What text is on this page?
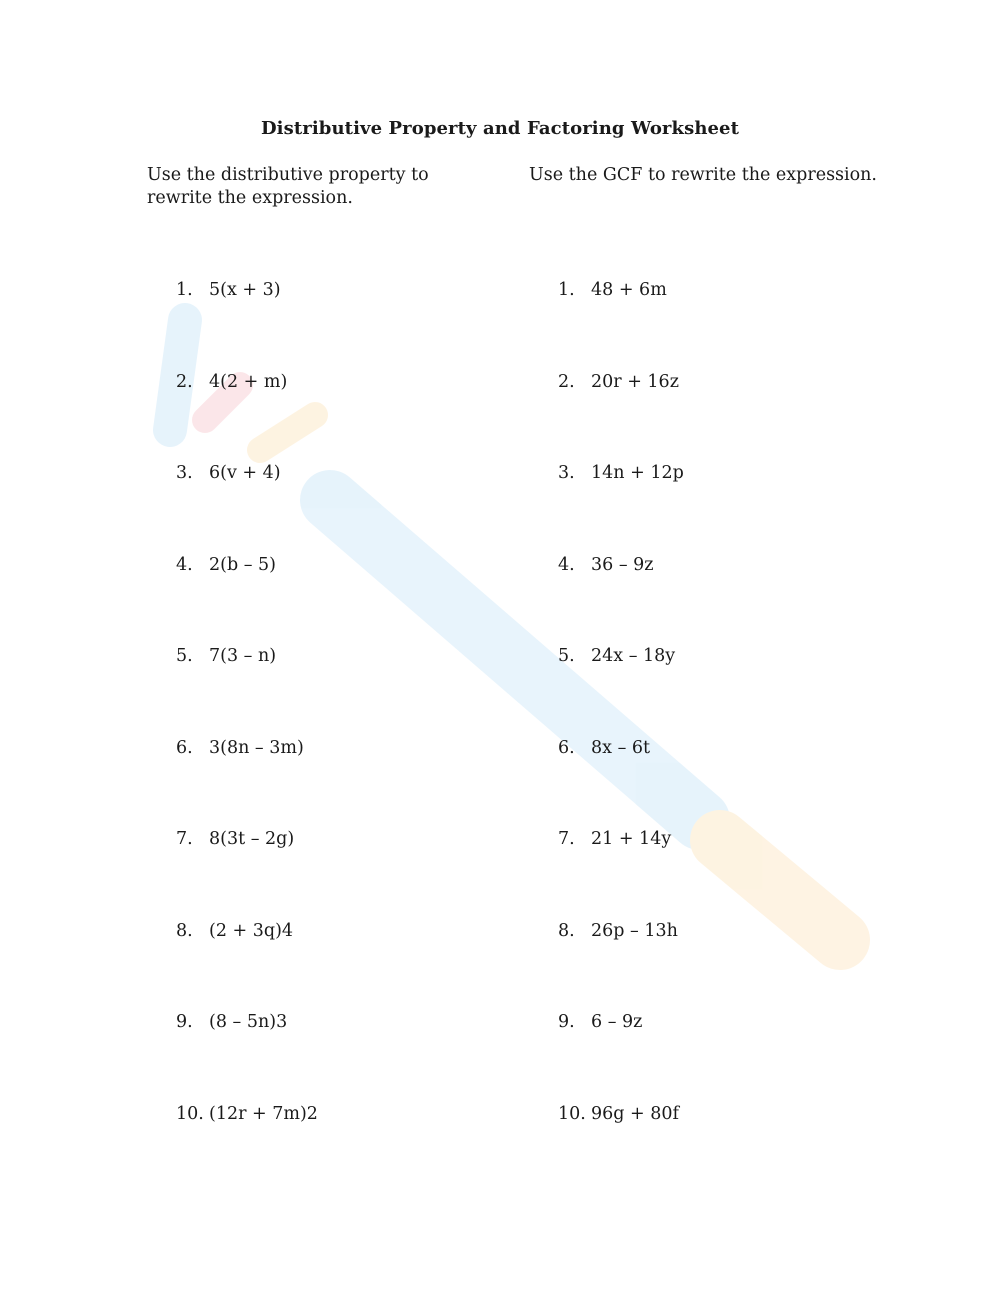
Distributive Property and Factoring Worksheet
Use the distributive property to rewrite the expression.
Use the GCF to rewrite the expression.
1. 5(x + 3)
2. 4(2 + m)
3. 6(v + 4)
4. 2(b – 5)
5. 7(3 – n)
6. 3(8n – 3m)
7. 8(3t – 2g)
8. (2 + 3q)4
9. (8 – 5n)3
10. (12r + 7m)2
1. 48 + 6m
2. 20r + 16z
3. 14n + 12p
4. 36 – 9z
5. 24x – 18y
6. 8x – 6t
7. 21 + 14y
8. 26p – 13h
9. 6 – 9z
10. 96g + 80f
